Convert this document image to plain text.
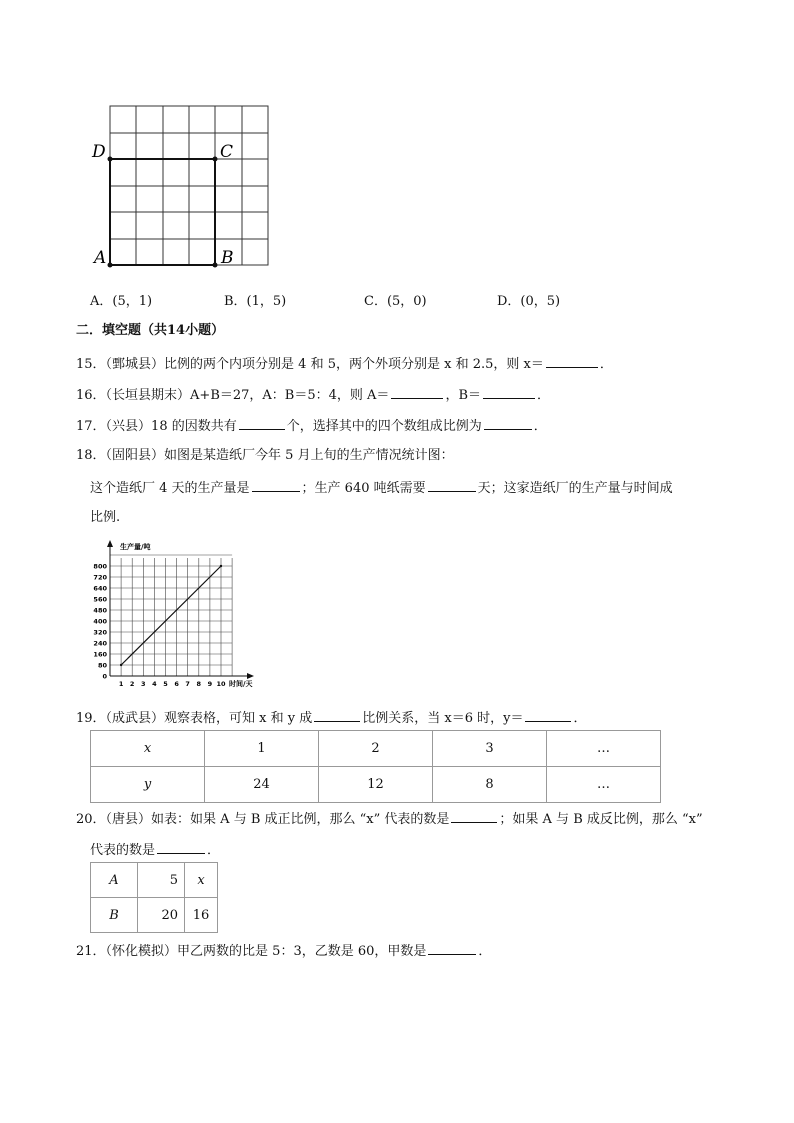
D	C
A	B
A．(5，1)	B．(1，5)	C．(5，0)	D．(0，5)
二．填空题（共14小题）
15．（鄄城县）比例的两个内项分别是 4 和 5，两个外项分别是 x 和 2.5，则 x＝	．
16．（长垣县期末）A+B＝27，A：B＝5：4，则 A＝	，B＝	．
17．（兴县）18 的因数共有	个，选择其中的四个数组成比例为	．
18．（固阳县）如图是某造纸厂今年 5 月上旬的生产情况统计图：
这个造纸厂 4 天的生产量是	；生产 640 吨纸需要	天；这家造纸厂的生产量与时间成
比例.
0
80
160
240
320
400
480
560
640
720
800
1 2 3 4 5 6 7 8 9 10
生产量/吨
时间/天
19．（成武县）观察表格，可知 x 和 y 成	比例关系，当 x＝6 时，y＝	．
x	1	2	3	…
y	24	12	8	…
20．（唐县）如表：如果 A 与 B 成正比例，那么 “x” 代表的数是	；如果 A 与 B 成反比例，那么 “x”
代表的数是	．
A	5	x
B	20	16
21．（怀化模拟）甲乙两数的比是 5：3，乙数是 60，甲数是	．
